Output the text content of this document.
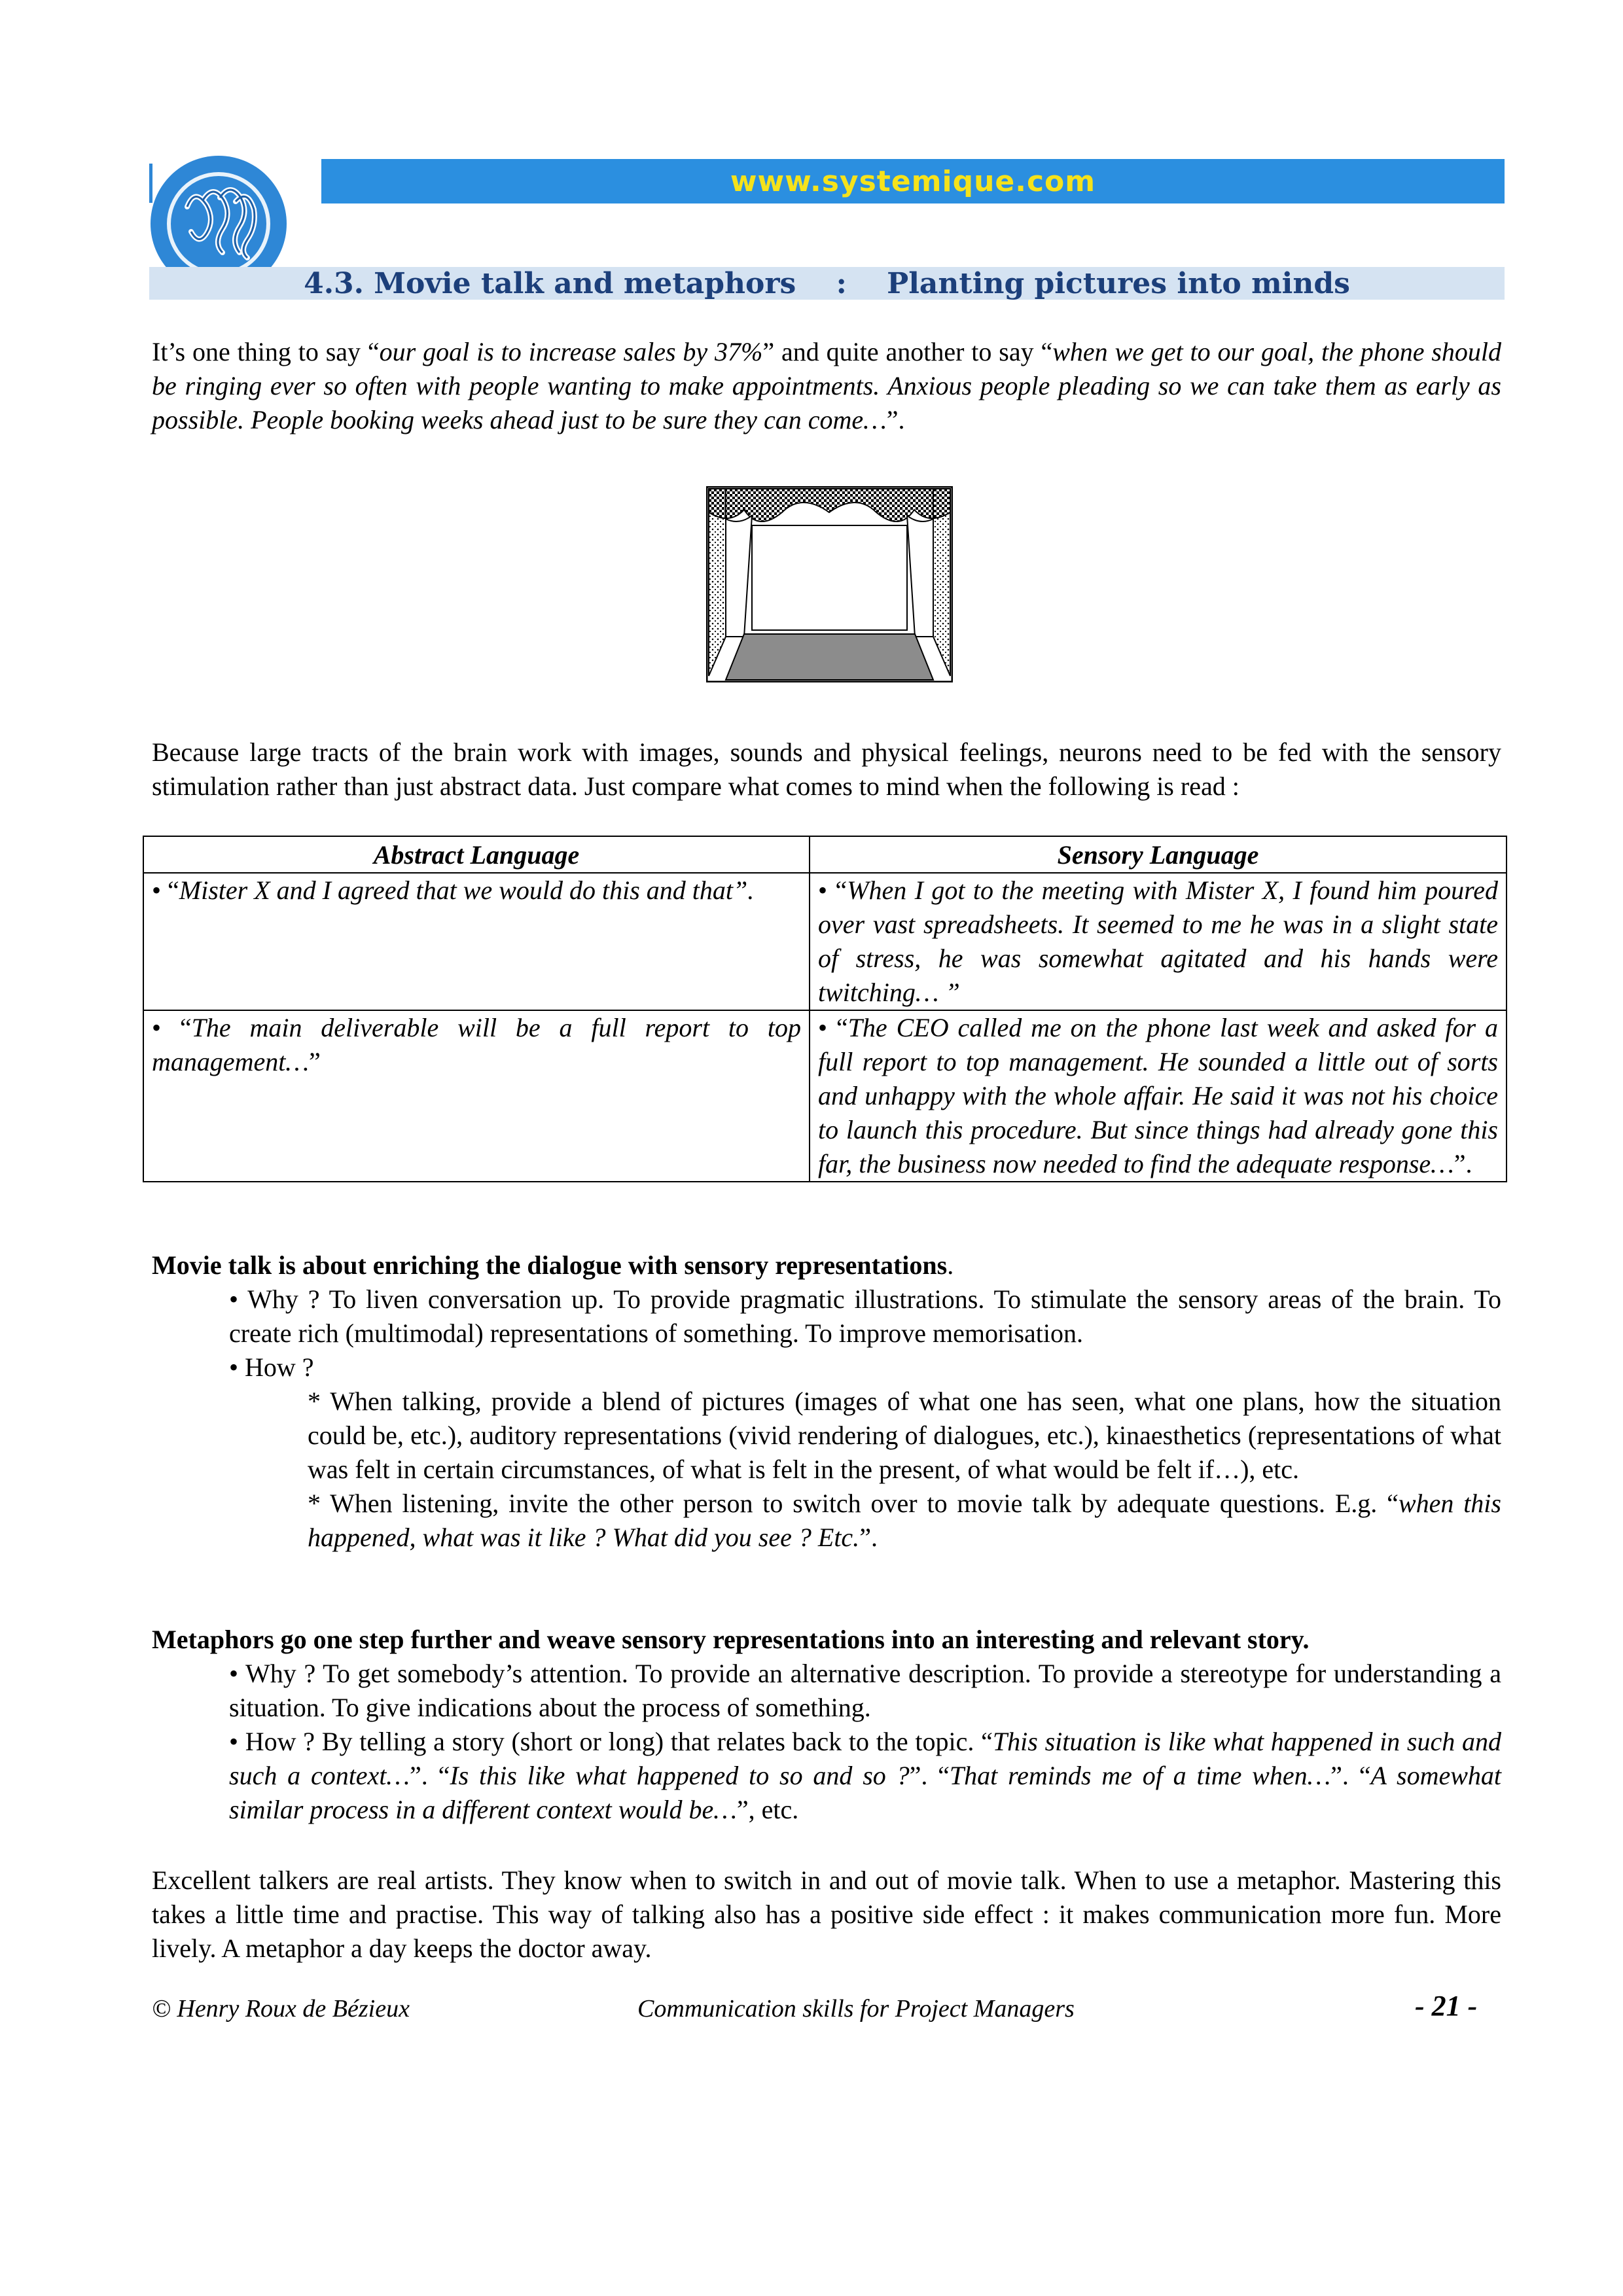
www.systemique.com
4.3. Movie talk and metaphors    :    Planting pictures into minds

It’s one thing to say “our goal is to increase sales by 37%” and quite another to say “when we get to our goal, the phone should be ringing ever so often with people wanting to make appointments. Anxious people pleading so we can take them as early as possible. People booking weeks ahead just to be sure they can come…”.

Because large tracts of the brain work with images, sounds and physical feelings, neurons need to be fed with the sensory stimulation rather than just abstract data. Just compare what comes to mind when the following is read :

Abstract Language	Sensory Language
• “Mister X and I agreed that we would do this and that”.	• “When I got to the meeting with Mister X, I found him poured over vast spreadsheets. It seemed to me he was in a slight state of stress, he was somewhat agitated and his hands were twitching… ”
• “The main deliverable will be a full report to top management…”	• “The CEO called me on the phone last week and asked for a full report to top management. He sounded a little out of sorts and unhappy with the whole affair. He said it was not his choice to launch this procedure. But since things had already gone this far, the business now needed to find the adequate response…”.
Movie talk is about enriching the dialogue with sensory representations.
• Why ? To liven conversation up. To provide pragmatic illustrations. To stimulate the sensory areas of the brain. To create rich (multimodal) representations of something. To improve memorisation.
• How ?
* When talking, provide a blend of pictures (images of what one has seen, what one plans, how the situation could be, etc.), auditory representations (vivid rendering of dialogues, etc.), kinaesthetics (representations of what was felt in certain circumstances, of what is felt in the present, of what would be felt if…), etc.
* When listening, invite the other person to switch over to movie talk by adequate questions. E.g. “when this happened, what was it like ? What did you see ? Etc.”.
Metaphors go one step further and weave sensory representations into an interesting and relevant story.
• Why ? To get somebody’s attention. To provide an alternative description. To provide a stereotype for understanding a situation. To give indications about the process of something.
• How ? By telling a story (short or long) that relates back to the topic. “This situation is like what happened in such and such a context…”. “Is this like what happened to so and so ?”. “That reminds me of a time when…”. “A somewhat similar process in a different context would be…”, etc.

Excellent talkers are real artists. They know when to switch in and out of movie talk. When to use a metaphor. Mastering this takes a little time and practise. This way of talking also has a positive side effect : it makes communication more fun. More lively. A metaphor a day keeps the doctor away.

© Henry Roux de Bézieux	Communication skills for Project Managers	- 21 -
